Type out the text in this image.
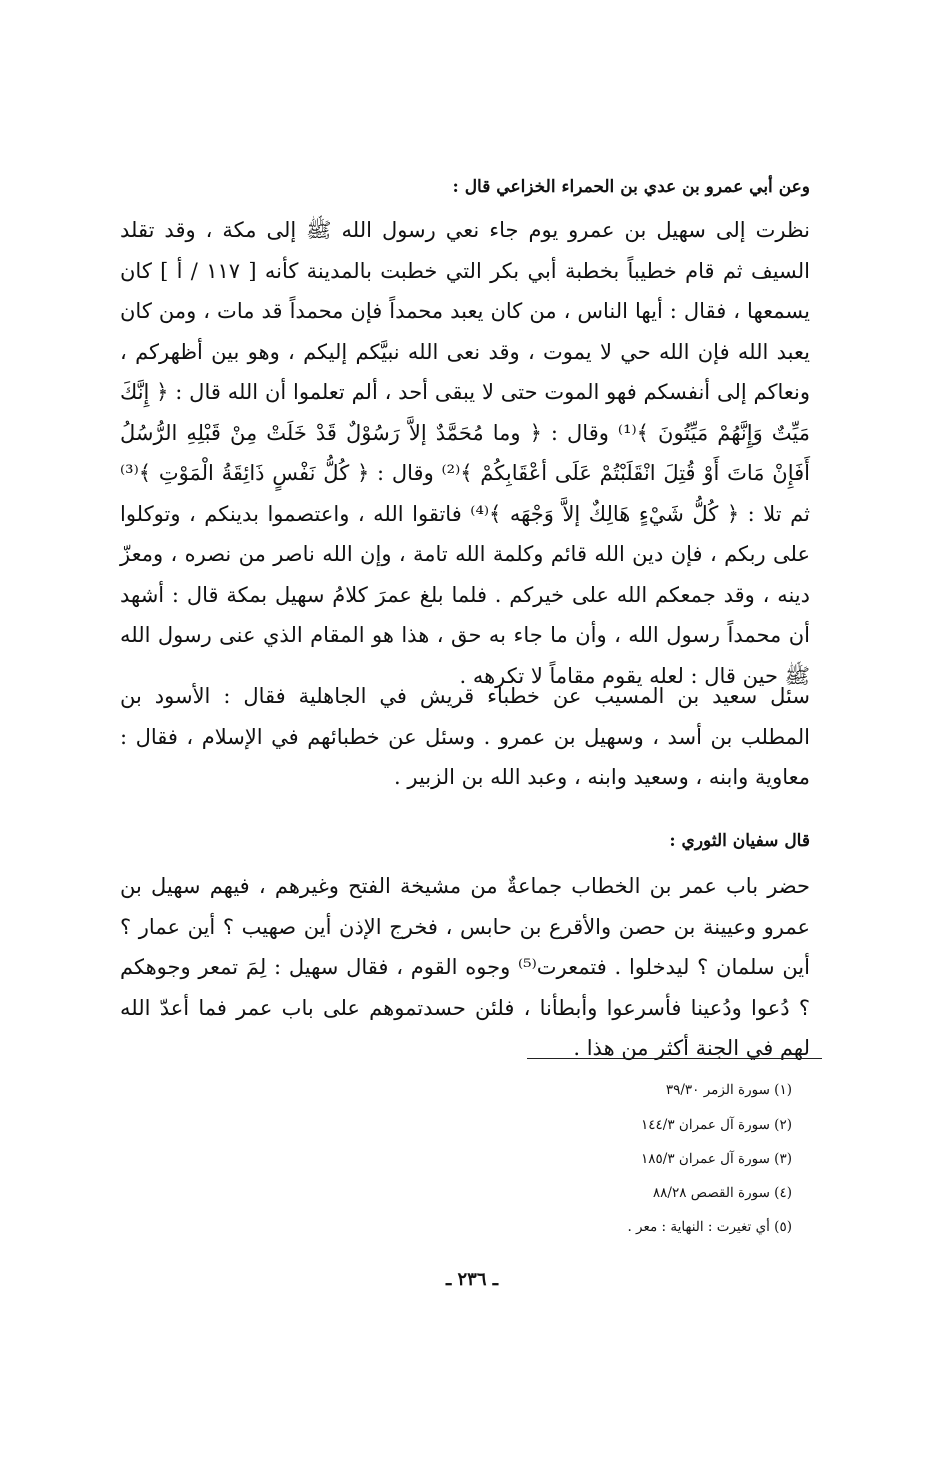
وعن أبي عمرو بن عدي بن الحمراء الخزاعي قال :
نظرت إلى سهيل بن عمرو يوم جاء نعي رسول الله ﷺ إلى مكة ، وقد تقلد السيف ثم قام خطيباً بخطبة أبي بكر التي خطبت بالمدينة كأنه [ ١١٧ / أ ] كان يسمعها ، فقال : أيها الناس ، من كان يعبد محمداً فإن محمداً قد مات ، ومن كان يعبد الله فإن الله حي لا يموت ، وقد نعى الله نبيَّكم إليكم ، وهو بين أظهركم ، ونعاكم إلى أنفسكم فهو الموت حتى لا يبقى أحد ، ألم تعلموا أن الله قال : ﴿ إِنَّكَ مَيِّتٌ وَإِنَّهُمْ مَيِّتُونَ ﴾⁽¹⁾ وقال : ﴿ وما مُحَمَّدٌ إلاَّ رَسُوْلٌ قَدْ خَلَتْ مِنْ قَبْلِهِ الرُّسُلُ أَفَإِنْ مَاتَ أَوْ قُتِلَ انْقَلَبْتُمْ عَلَى أعْقَابِكُمْ ﴾⁽²⁾ وقال : ﴿ كُلُّ نَفْسٍ ذَائِقَةُ الْمَوْتِ ﴾⁽³⁾ ثم تلا : ﴿ كُلُّ شَيْءٍ هَالِكٌ إلاَّ وَجْهَه ﴾⁽⁴⁾ فاتقوا الله ، واعتصموا بدينكم ، وتوكلوا على ربكم ، فإن دين الله قائم وكلمة الله تامة ، وإن الله ناصر من نصره ، ومعزّ دينه ، وقد جمعكم الله على خيركم . فلما بلغ عمرَ كلامُ سهيل بمكة قال : أشهد أن محمداً رسول الله ، وأن ما جاء به حق ، هذا هو المقام الذي عنى رسول الله ﷺ حين قال : لعله يقوم مقاماً لا تكرهه .
سئل سعيد بن المسيب عن خطباء قريش في الجاهلية فقال : الأسود بن المطلب بن أسد ، وسهيل بن عمرو . وسئل عن خطبائهم في الإسلام ، فقال : معاوية وابنه ، وسعيد وابنه ، وعبد الله بن الزبير .
قال سفيان الثوري :
حضر باب عمر بن الخطاب جماعةٌ من مشيخة الفتح وغيرهم ، فيهم سهيل بن عمرو وعيينة بن حصن والأقرع بن حابس ، فخرج الإذن أين صهيب ؟ أين عمار ؟ أين سلمان ؟ ليدخلوا . فتمعرت⁽⁵⁾ وجوه القوم ، فقال سهيل : لِمَ تمعر وجوهكم ؟ دُعوا ودُعينا فأسرعوا وأبطأنا ، فلئن حسدتموهم على باب عمر فما أعدّ الله لهم في الجنة أكثر من هذا .
(١) سورة الزمر ٣٩/٣٠
(٢) سورة آل عمران ١٤٤/٣
(٣) سورة آل عمران ١٨٥/٣
(٤) سورة القصص ٨٨/٢٨
(٥) أي تغيرت : النهاية : معر .
ـ ٢٣٦ ـ
